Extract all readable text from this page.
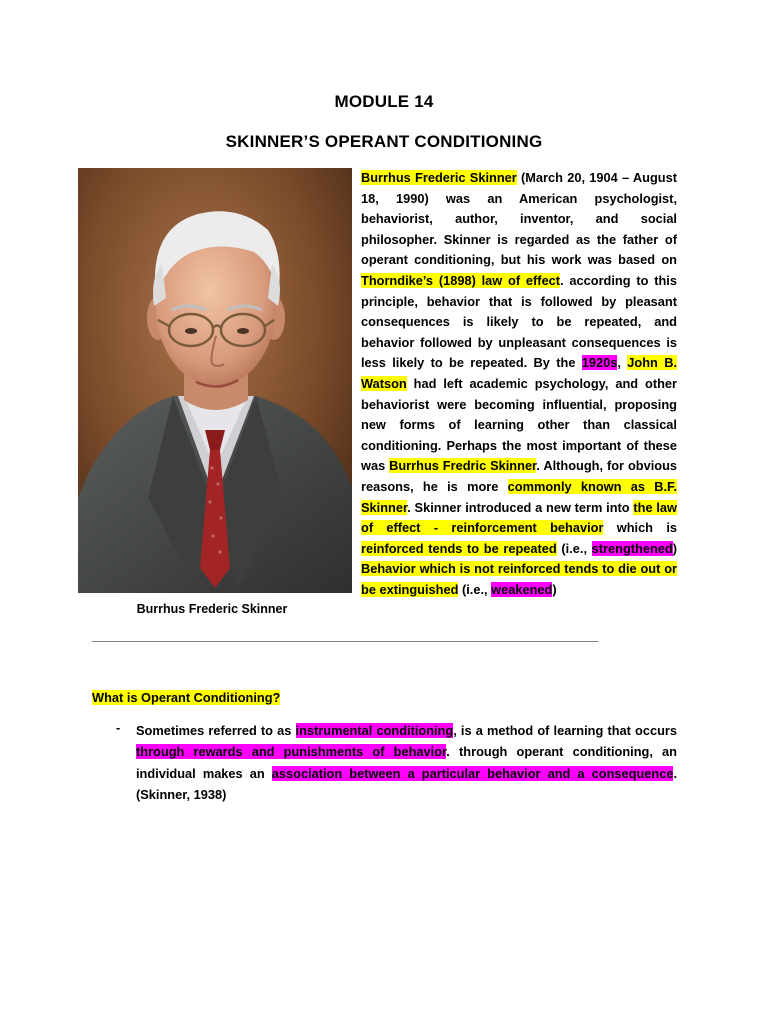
MODULE 14
SKINNER’S OPERANT CONDITIONING
Burrhus Frederic Skinner

Burrhus Frederic Skinner (March 20, 1904 – August 18, 1990) was an American psychologist, behaviorist, author, inventor, and social philosopher. Skinner is regarded as the father of operant conditioning, but his work was based on Thorndike’s (1898) law of effect. according to this principle, behavior that is followed by pleasant consequences is likely to be repeated, and behavior followed by unpleasant consequences is less likely to be repeated. By the 1920s, John B. Watson had left academic psychology, and other behaviorist were becoming influential, proposing new forms of learning other than classical conditioning. Perhaps the most important of these was Burrhus Fredric Skinner. Although, for obvious reasons, he is more commonly known as B.F. Skinner. Skinner introduced a new term into the law of effect - reinforcement behavior which is reinforced tends to be repeated (i.e., strengthened) Behavior which is not reinforced tends to die out or be extinguished (i.e., weakened)

____________________________________________________________________________________
What is Operant Conditioning?
- Sometimes referred to as instrumental conditioning, is a method of learning that occurs through rewards and punishments of behavior. through operant conditioning, an individual makes an association between a particular behavior and a consequence. (Skinner, 1938)
